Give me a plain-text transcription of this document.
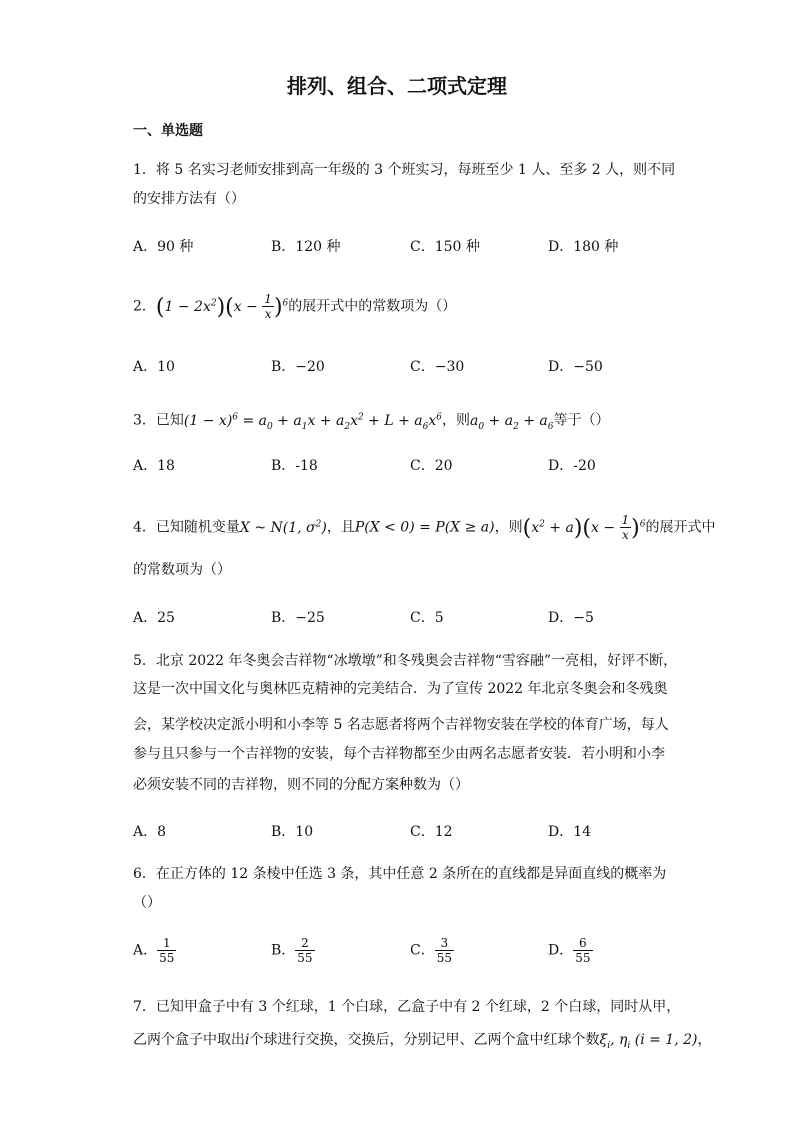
排列、组合、二项式定理
一、单选题
1．将 5 名实习老师安排到高一年级的 3 个班实习，每班至少 1 人、至多 2 人，则不同
的安排方法有（）
A．90 种	B．120 种	C．150 种	D．180 种
2．$(1 - 2x^2)(x - \frac{1}{x} )^6$的展开式中的常数项为（）
A．10	B．−20	C．−30	D．−50
3．已知$(1 - x)^6 = a_0 + a_1x + a_2x^2 + L + a_6x^6$，则$a_0 + a_2 + a_6$等于（）
A．18	B．-18	C．20	D．-20
4．已知随机变量X ~ N(1, $\sigma^2$)，且P(X < 0) = P(X ≥ a)，则$(x^2 + a)(x - \frac{1}{x} )^6$的展开式中
的常数项为（）
A．25	B．−25	C．5	D．−5
5．北京 2022 年冬奥会吉祥物“冰墩墩”和冬残奥会吉祥物“雪容融”一亮相，好评不断，
这是一次中国文化与奥林匹克精神的完美结合．为了宣传 2022 年北京冬奥会和冬残奥
会，某学校决定派小明和小李等 5 名志愿者将两个吉祥物安装在学校的体育广场，每人
参与且只参与一个吉祥物的安装，每个吉祥物都至少由两名志愿者安装．若小明和小李
必须安装不同的吉祥物，则不同的分配方案种数为（）
A．8	B．10	C．12	D．14
6．在正方体的 12 条棱中任选 3 条，其中任意 2 条所在的直线都是异面直线的概率为
（）
A． $\frac{1}{55}$	B． $\frac{2}{55}$	C． $\frac{3}{55}$	D． $\frac{6}{55}$
7．已知甲盒子中有 3 个红球，1 个白球，乙盒子中有 2 个红球，2 个白球，同时从甲，
乙两个盒子中取出i个球进行交换，交换后，分别记甲、乙两个盒中红球个数$\xi_i$, $\eta_i$ (i = 1, 2)，
